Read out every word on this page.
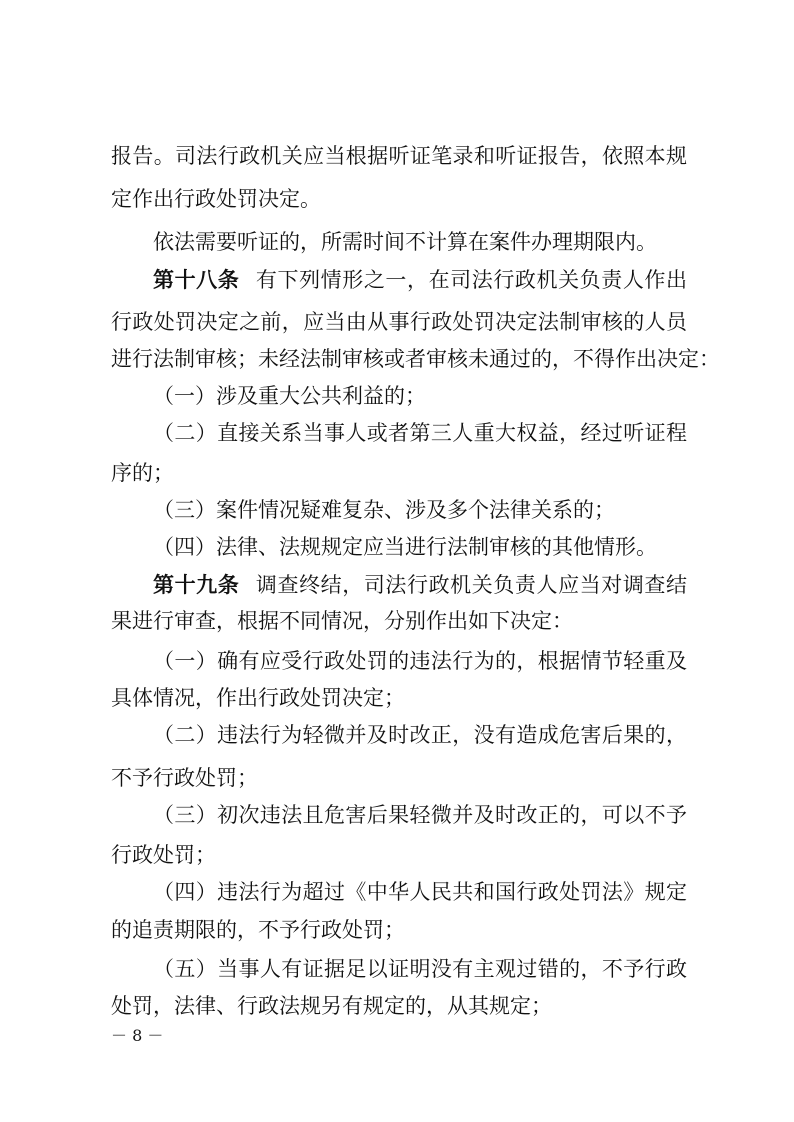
报告。司法行政机关应当根据听证笔录和听证报告，依照本规

定作出行政处罚决定。

依法需要听证的，所需时间不计算在案件办理期限内。

第十八条 有下列情形之一，在司法行政机关负责人作出

行政处罚决定之前，应当由从事行政处罚决定法制审核的人员

进行法制审核；未经法制审核或者审核未通过的，不得作出决定：

（一）涉及重大公共利益的；

（二）直接关系当事人或者第三人重大权益，经过听证程

序的；

（三）案件情况疑难复杂、涉及多个法律关系的；

（四）法律、法规规定应当进行法制审核的其他情形。

第十九条 调查终结，司法行政机关负责人应当对调查结

果进行审查，根据不同情况，分别作出如下决定：

（一）确有应受行政处罚的违法行为的，根据情节轻重及

具体情况，作出行政处罚决定；

（二）违法行为轻微并及时改正，没有造成危害后果的，

不予行政处罚；

（三）初次违法且危害后果轻微并及时改正的，可以不予

行政处罚；

（四）违法行为超过《中华人民共和国行政处罚法》规定

的追责期限的，不予行政处罚；

（五）当事人有证据足以证明没有主观过错的，不予行政

处罚，法律、行政法规另有规定的，从其规定；

－ 8 －
